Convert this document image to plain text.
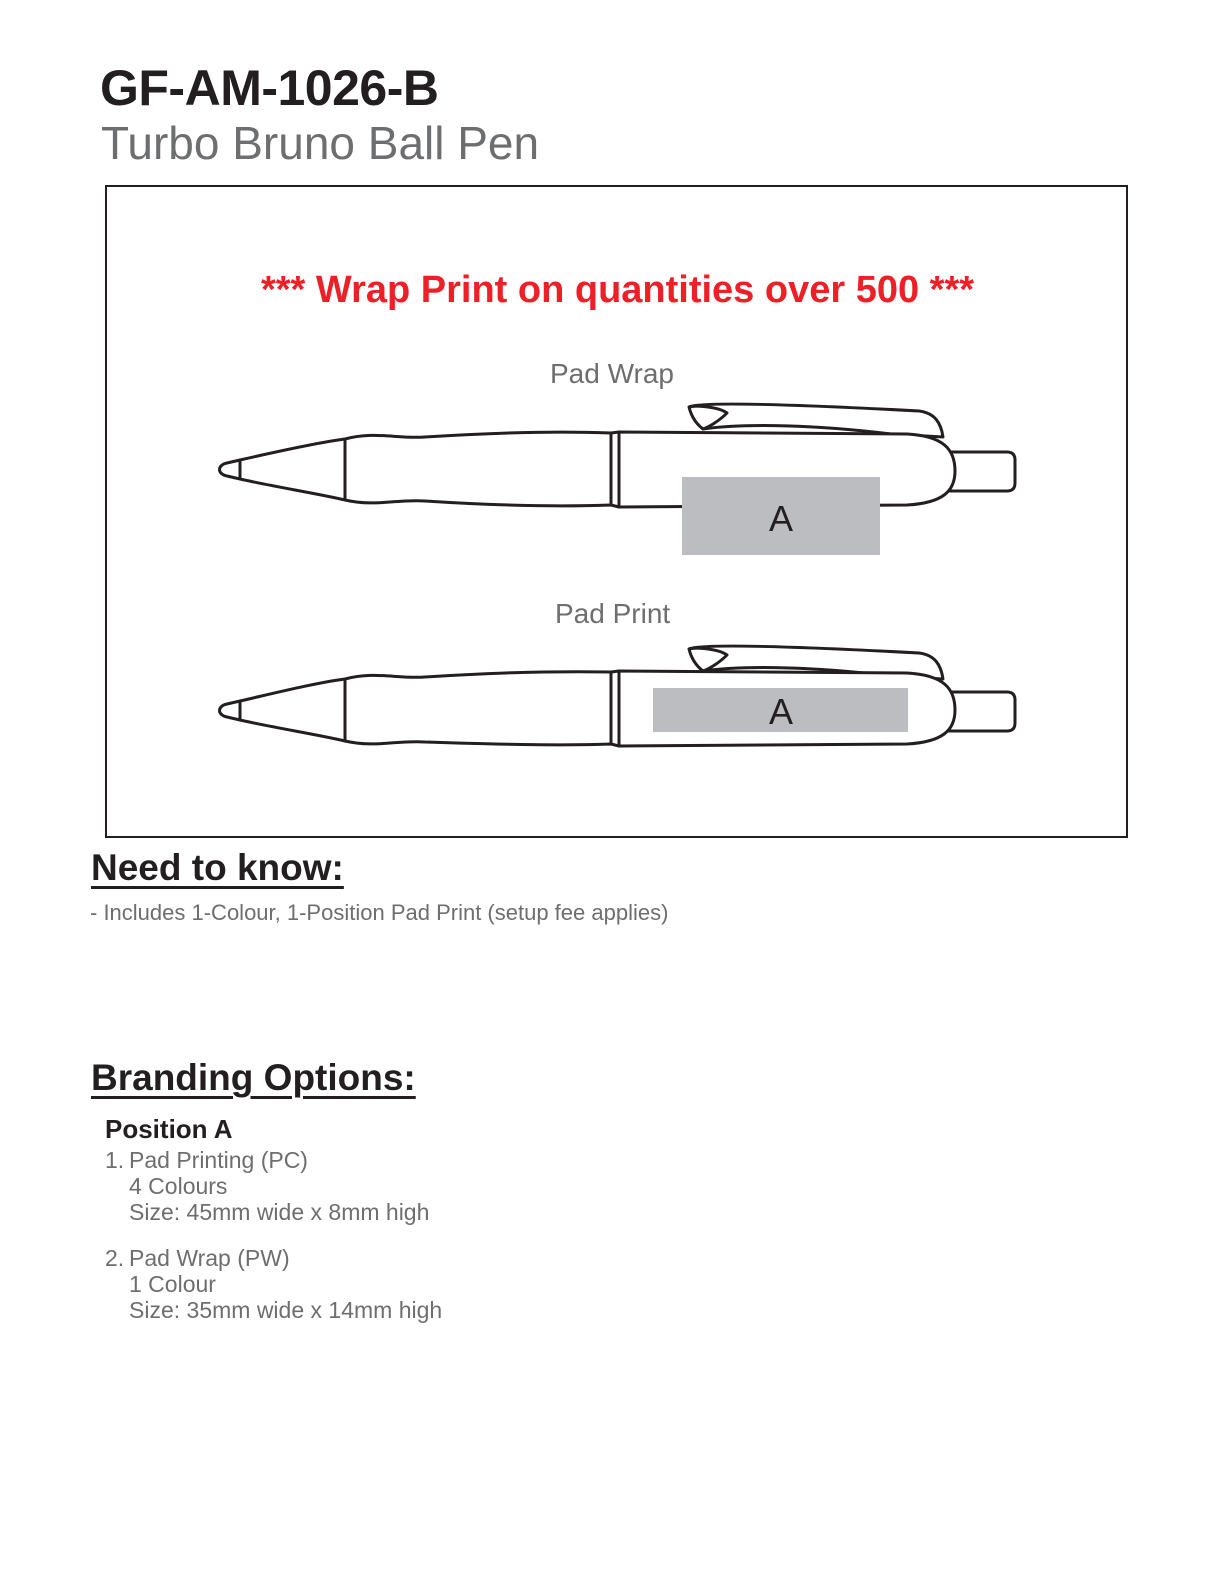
GF-AM-1026-B
Turbo Bruno Ball Pen
*** Wrap Print on quantities over 500 ***
Pad Wrap
Pad Print
A
A
Need to know:
- Includes 1-Colour, 1-Position Pad Print (setup fee applies)
Branding Options:
Position A
1. Pad Printing (PC)
4 Colours
Size: 45mm wide x 8mm high
2. Pad Wrap (PW)
1 Colour
Size: 35mm wide x 14mm high
